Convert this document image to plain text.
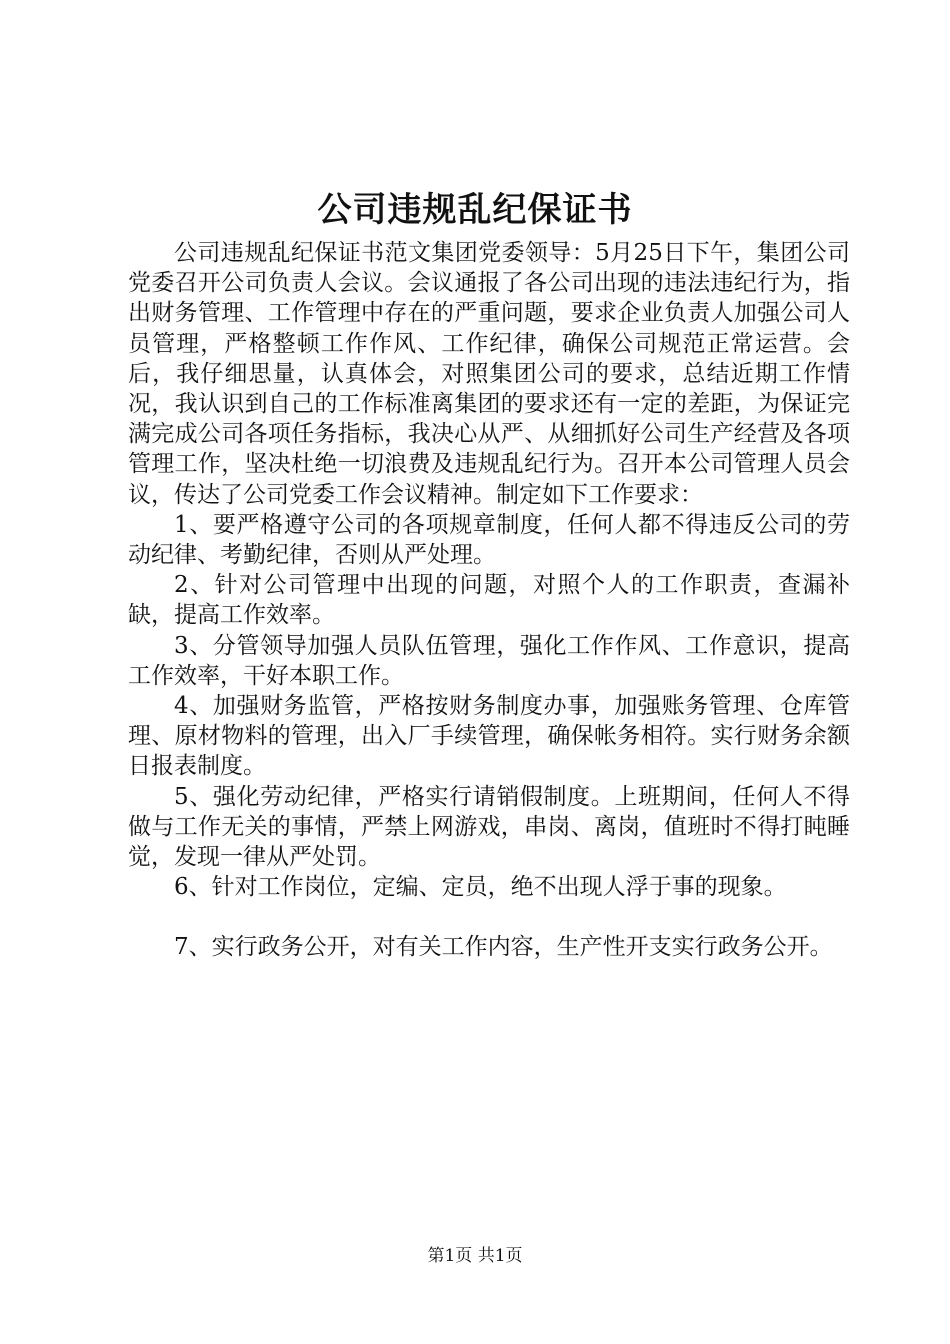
公司违规乱纪保证书

公司违规乱纪保证书范文集团党委领导：5月25日下午，集团公司党委召开公司负责人会议。会议通报了各公司出现的违法违纪行为，指出财务管理、工作管理中存在的严重问题，要求企业负责人加强公司人员管理，严格整顿工作作风、工作纪律，确保公司规范正常运营。会后，我仔细思量，认真体会，对照集团公司的要求，总结近期工作情况，我认识到自己的工作标准离集团的要求还有一定的差距，为保证完满完成公司各项任务指标，我决心从严、从细抓好公司生产经营及各项管理工作，坚决杜绝一切浪费及违规乱纪行为。召开本公司管理人员会议，传达了公司党委工作会议精神。制定如下工作要求：

1、要严格遵守公司的各项规章制度，任何人都不得违反公司的劳动纪律、考勤纪律，否则从严处理。

2、针对公司管理中出现的问题，对照个人的工作职责，查漏补缺，提高工作效率。

3、分管领导加强人员队伍管理，强化工作作风、工作意识，提高工作效率，干好本职工作。

4、加强财务监管，严格按财务制度办事，加强账务管理、仓库管理、原材物料的管理，出入厂手续管理，确保帐务相符。实行财务余额日报表制度。

5、强化劳动纪律，严格实行请销假制度。上班期间，任何人不得做与工作无关的事情，严禁上网游戏，串岗、离岗，值班时不得打盹睡觉，发现一律从严处罚。

6、针对工作岗位，定编、定员，绝不出现人浮于事的现象。

7、实行政务公开，对有关工作内容，生产性开支实行政务公开。

第1页 共1页
